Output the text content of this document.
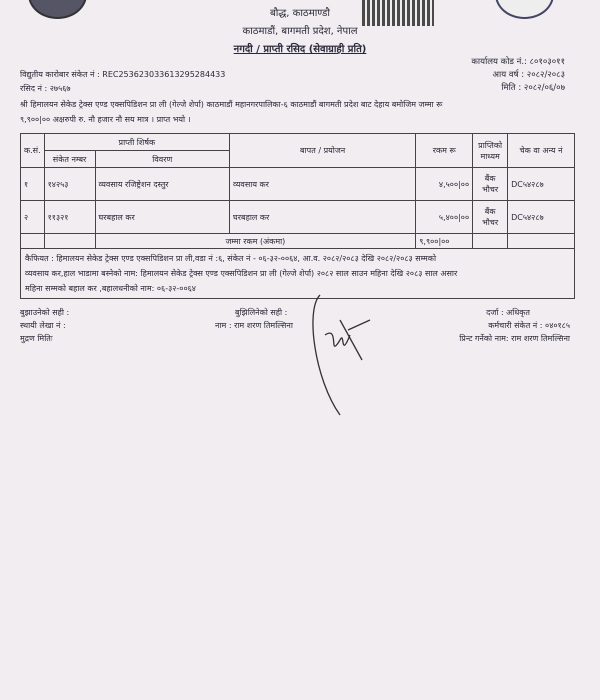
बौद्ध, काठमाण्डौ
काठमाडौं, बागमती प्रदेश, नेपाल
नगदी / प्राप्ती रसिद (सेवाग्राही प्रति)
कार्यालय कोड नं.: ८०१०३०११
आय वर्ष : २०८२/२०८३
मिति : २०८२/०६/०७
विद्युतीय कारोबार संकेत नं : REC253623033613295284433
रसिद नं : २७५६७
श्री हिमालयन सेकेड ट्रेक्स एण्ड एक्सपिडिशन प्रा ली (गेल्जे शेर्पा) काठमाडौं महानगरपालिका-६ काठमाडौं बागमती प्रदेश बाट देहाय बमोजिम जम्मा रू
९,९००|०० अक्षरुपी रु. नौ हजार नौ सय मात्र । प्राप्त भयो ।
क.सं.	प्राप्ती शिर्षक		बापत / प्रयोजन	रकम रू	प्राप्तिको माध्यम	चेक वा अन्य नं
	संकेत नम्बर	विवरण				
१	१४२५३	व्यवसाय रजिष्ट्रेशन दस्तुर	व्यवसाय कर	४,५००|००	बैंक भौचर	DC५४२८७
२	११३२१	घरबहाल कर	घरबहाल कर	५,४००|००	बैंक भौचर	DC५४२८७
		जम्मा रकम (अंकमा)		९,९००|००		
कैफियत : हिमालयन सेकेड ट्रेक्स एण्ड एक्सपिडिशन प्रा ली,वडा नं :६, संकेत नं - ०६-३२-००६४, आ.व. २०८२/२०८३ देखि २०८२/२०८३ सम्मको
व्यवसाय कर,हाल भाडामा बस्नेको नाम: हिमालयन सेकेड ट्रेक्स एण्ड एक्सपिडिशन प्रा ली (गेल्जे शेर्पा) २०८२ साल साउन महिना देखि २०८३ साल असार
महिना सम्मको बहाल कर ,बहालधनीको नाम: ०६-३२-००६४
बुझाउनेको सही :
स्थायी लेखा नं :
मुद्रण मितिः
बुझिलिनेको सही :
नाम : राम शरण तिमल्सिना
दर्जा : अधिकृत
कर्मचारी संकेत नं : ०४०१८५
प्रिन्ट गर्नेको नाम: राम शरण तिमल्सिना
